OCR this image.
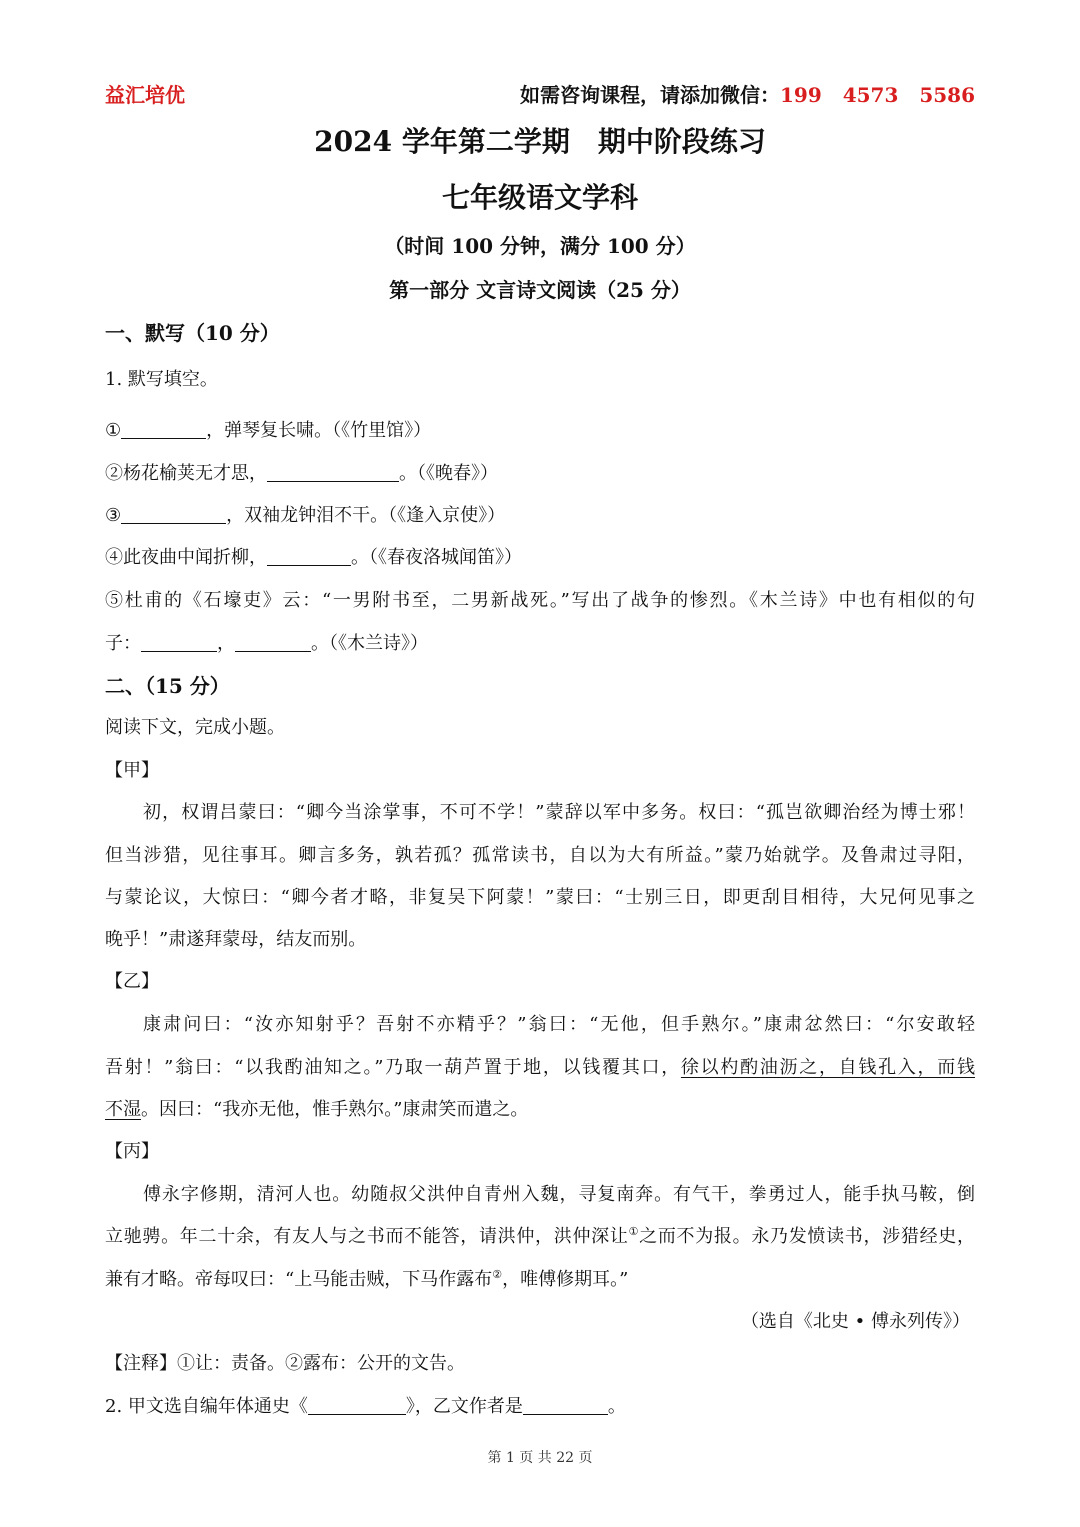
益汇培优	如需咨询课程，请添加微信：199 4573 5586
2024 学年第二学期　期中阶段练习
七年级语文学科
（时间 100 分钟，满分 100 分）
第一部分 文言诗文阅读（25 分）
一、默写（10 分）
1. 默写填空。
①	，弹琴复长啸。（《竹里馆》）
②杨花榆荚无才思，	。（《晚春》）
③	，双袖龙钟泪不干。（《逢入京使》）
④此夜曲中闻折柳，	。（《春夜洛城闻笛》）
⑤杜甫的《石壕吏》云：“一男附书至，二男新战死。”写出了战争的惨烈。《木兰诗》中也有相似的句
子：	，	。（《木兰诗》）
二、（15 分）
阅读下文，完成小题。
【甲】
初，权谓吕蒙曰：“卿今当涂掌事，不可不学！”蒙辞以军中多务。权曰：“孤岂欲卿治经为博士邪！
但当涉猎，见往事耳。卿言多务，孰若孤？孤常读书，自以为大有所益。”蒙乃始就学。及鲁肃过寻阳，
与蒙论议，大惊曰：“卿今者才略，非复吴下阿蒙！”蒙曰：“士别三日，即更刮目相待，大兄何见事之
晚乎！”肃遂拜蒙母，结友而别。
【乙】
康肃问曰：“汝亦知射乎？吾射不亦精乎？”翁曰：“无他，但手熟尔。”康肃忿然曰：“尔安敢轻
吾射！”翁曰：“以我酌油知之。”乃取一葫芦置于地，以钱覆其口，徐以杓酌油沥之，自钱孔入，而钱
不湿。因曰：“我亦无他，惟手熟尔。”康肃笑而遣之。
【丙】
傅永字修期，清河人也。幼随叔父洪仲自青州入魏，寻复南奔。有气干，拳勇过人，能手执马鞍，倒
立驰骋。年二十余，有友人与之书而不能答，请洪仲，洪仲深让①之而不为报。永乃发愤读书，涉猎经史，
兼有才略。帝每叹曰：“上马能击贼，下马作露布②，唯傅修期耳。”
（选自《北史 • 傅永列传》）
【注释】①让：责备。②露布：公开的文告。
2. 甲文选自编年体通史《	》，乙文作者是	。
第 1 页 共 22 页
